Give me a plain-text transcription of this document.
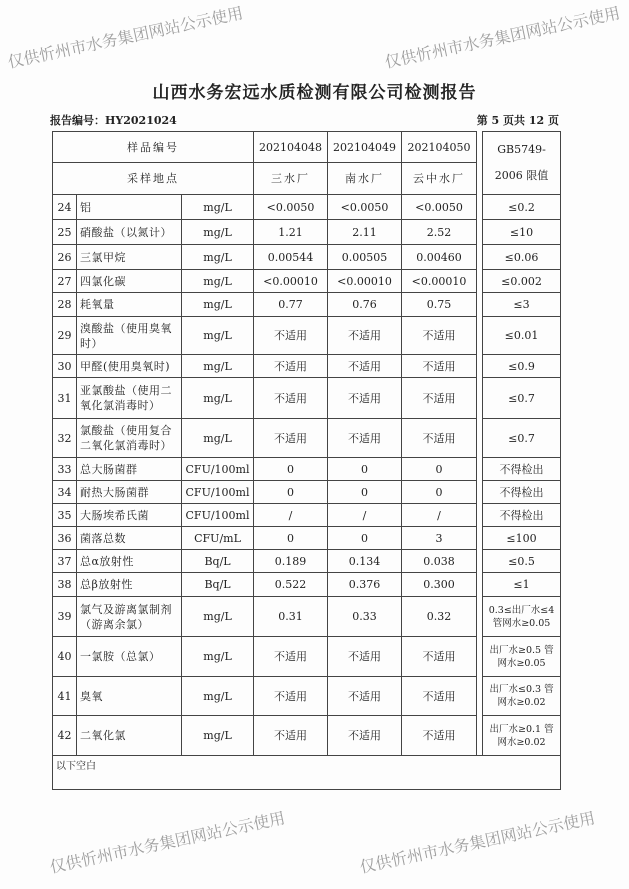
山西水务宏远水质检测有限公司检测报告
报告编号：HY2021024	第 5 页共 12 页
样品编号			202104048	202104049	202104050		GB5749-2006 限值
采样地点			三水厂	南水厂	云中水厂		
24	铝	mg/L	<0.0050	<0.0050	<0.0050		≤0.2
25	硝酸盐（以氮计）	mg/L	1.21	2.11	2.52		≤10
26	三氯甲烷	mg/L	0.00544	0.00505	0.00460		≤0.06
27	四氯化碳	mg/L	<0.00010	<0.00010	<0.00010		≤0.002
28	耗氧量	mg/L	0.77	0.76	0.75		≤3
29	溴酸盐（使用臭氧时）	mg/L	不适用	不适用	不适用		≤0.01
30	甲醛(使用臭氧时)	mg/L	不适用	不适用	不适用		≤0.9
31	亚氯酸盐（使用二氧化氯消毒时）	mg/L	不适用	不适用	不适用		≤0.7
32	氯酸盐（使用复合二氧化氯消毒时）	mg/L	不适用	不适用	不适用		≤0.7
33	总大肠菌群	CFU/100ml	0	0	0		不得检出
34	耐热大肠菌群	CFU/100ml	0	0	0		不得检出
35	大肠埃希氏菌	CFU/100ml	/	/	/		不得检出
36	菌落总数	CFU/mL	0	0	3		≤100
37	总α放射性	Bq/L	0.189	0.134	0.038		≤0.5
38	总β放射性	Bq/L	0.522	0.376	0.300		≤1
39	氯气及游离氯制剂（游离余氯）	mg/L	0.31	0.33	0.32		0.3≤出厂水≤4 管网水≥0.05
40	一氯胺（总氯）	mg/L	不适用	不适用	不适用		出厂水≥0.5 管网水≥0.05
41	臭氧	mg/L	不适用	不适用	不适用		出厂水≤0.3 管网水≥0.02
42	二氧化氯	mg/L	不适用	不适用	不适用		出厂水≥0.1 管网水≥0.02
以下空白							
仅供忻州市水务集团网站公示使用	仅供忻州市水务集团网站公示使用
仅供忻州市水务集团网站公示使用	仅供忻州市水务集团网站公示使用
